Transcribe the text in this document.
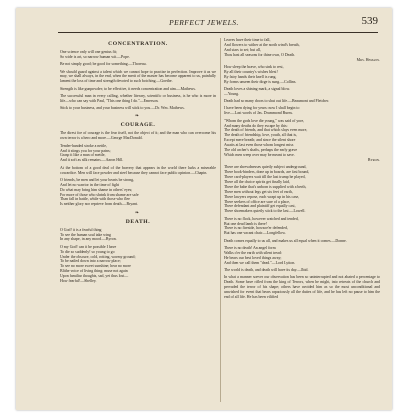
PERFECT JEWELS.	539
CONCENTRATION.
One science only will one genius fit;
So wide is art, so narrow human wit.—Pope.

Be not simply good; be good for something.—Thoreau.

We should guard against a talent which we cannot hope to practise in perfection. Improve it as we may, we shall always, in the end, when the merit of the master has become apparent to us, painfully lament the loss of time and strength devoted to such botching.—Goethe.

Strength is like gunpowder; to be effective, it needs concentration and aim.—Mathews.

The successful man in every calling, whether literary, scientific or business, is he who is more in life—who can say with Paul, "This one thing I do."—Emerson.

Stick to your business, and your business will stick to you.—Dr. Wm. Mathews.

❧
COURAGE.

The direst foe of courage is the fear itself, not the object of it; and the man who can overcome his own terror is a hero and more.—George MacDonald.

Tender-handed stroke a nettle,
And it stings you for your pains;
Grasp it like a man of mettle,
And it soft as silk remains.—Aaron Hill.

At the bottom of a good deal of the bravery that appears in the world there lurks a miserable cowardice. Men will face powder and steel because they cannot face public opinion.—Chapin.

O friends, be men and let your hearts be strong,
And let no warrior in the time of fight
Do what may bring him shame in others' eyes;
For more of those who shrink from shame are safe
Than fall in battle, while with those who flee
Is neither glory nor reprieve from death.—Bryant.
❧
DEATH.
O God! it is a fearful thing
To see the human soul take wing
In any shape, in any mood.—Byron.
O my God! can it be possible I have
To die so suddenly! so young to go
Under the obscure, cold, rotting, wormy ground;
To be nailed down into a narrow place;
To see no more sweet sunshine; hear no more
Blithe voice of living thing; muse not again
Upon familiar thoughts, sad, yet thus lost—
How fearful!—Shelley.
Leaves have their time to fall,
And flowers to wither at the north wind's breath,
And stars to set; but all,
Thou hast all seasons for thine own, O Death.
Mrs. Hemans.
How sleep the brave, who sink to rest,
By all their country's wishes blest!
By fairy hands their knell is rung,
By forms unseen their dirge is sung.—Collins.
Death loves a shining mark, a signal blow.
—Young.

Death had so many doors to shut out life.—Beaumont and Fletcher.

I have been dying for years: now I shall begin to
live.—Last words of Jas. Drummond Burns.
"Whom the gods love die young," was said of yore,
And many deaths do they escape by this:
The death of friends, and that which slays even more,
The death of friendship, love, youth, all that is,
Except mere breath; and since the silent shore
Awaits at last even those whom longest miss
The old archer's shafts, perhaps the early grave
Which men weep over may be meant to save.
Byron.
There are shrewdnesses quietly subject underground,
There book-binders, done up in boards, are fast bound,
There card-players wait till the last trump be played,
There all the choice spirits get finally laid,
There the babe that's unborn is supplied with a berth,
There men without legs get six feet of earth,
There lawyers repose, each wrapt up in his case,
There seekers of office are sure of a place,
There defendant and plaintiff get equally cast,
There shoemakers quietly stick to the last.—Lowell.
There is no flock, however watched and tended,
But one dead lamb is there!
There is no fireside, howsoe'er defended,
But has one vacant chair.—Longfellow.

Death comes equally to us all, and makes us all equal when it comes.—Donne.

There is no death! An angel form
Walks o'er the earth with silent tread:
He bears our best loved things away;
And then we call them "dead."—Lord Lytton.

The world is death, and death will have its day.—Ibid.

In what a manner soever our observation has been so uninterrupted and not abated a percentage to Death. Some have rifled from the king of Terrors, when he might, into retreats of the church and pervaded the terror of his shape; others have avoided him as so the most unconditional and unwished for event that bears rapaciously all the duties of life, and he has left no pause to him the end of all life. He has been vilified
